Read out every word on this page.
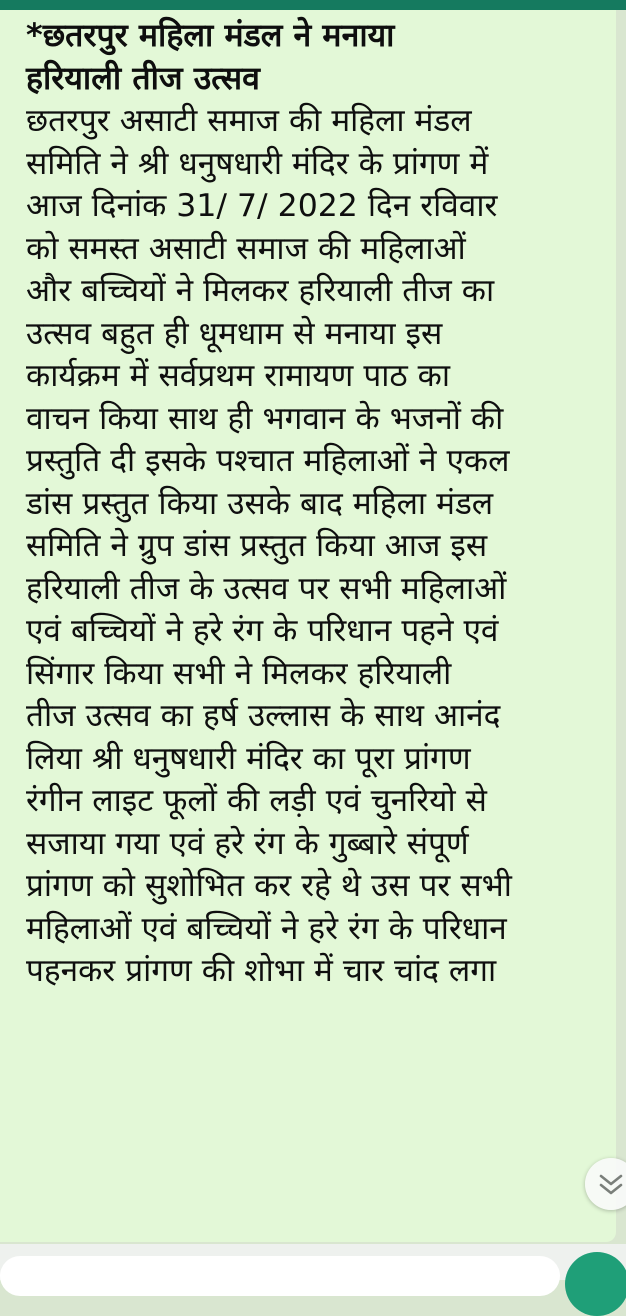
*छतरपुर महिला मंडल ने मनाया

हरियाली तीज उत्सव

छतरपुर असाटी समाज की महिला मंडल

समिति ने श्री धनुषधारी मंदिर के प्रांगण में

आज दिनांक 31/ 7/ 2022 दिन रविवार

को समस्त असाटी समाज की महिलाओं

और बच्चियों ने मिलकर हरियाली तीज का

उत्सव बहुत ही धूमधाम से मनाया इस

कार्यक्रम में सर्वप्रथम रामायण पाठ का

वाचन किया साथ ही भगवान के भजनों की

प्रस्तुति दी इसके पश्चात महिलाओं ने एकल

डांस प्रस्तुत किया उसके बाद महिला मंडल

समिति ने ग्रुप डांस प्रस्तुत किया आज इस

हरियाली तीज के उत्सव पर सभी महिलाओं

एवं बच्चियों ने हरे रंग के परिधान पहने एवं

सिंगार किया सभी ने मिलकर हरियाली

तीज उत्सव का हर्ष उल्लास के साथ आनंद

लिया श्री धनुषधारी मंदिर का पूरा प्रांगण

रंगीन लाइट फूलों की लड़ी एवं चुनरियो से

सजाया गया एवं हरे रंग के गुब्बारे संपूर्ण

प्रांगण को सुशोभित कर रहे थे उस पर सभी

महिलाओं एवं बच्चियों ने हरे रंग के परिधान

पहनकर प्रांगण की शोभा में चार चांद लगा
